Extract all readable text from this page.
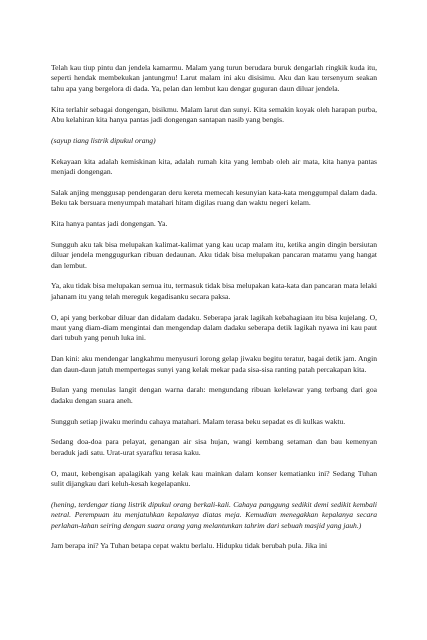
Telah kau tiup pintu dan jendela kamarmu. Malam yang turun berudara buruk dengarlah ringkik kuda itu, seperti hendak membekukan jantungmu! Larut malam ini aku disisimu. Aku dan kau tersenyum seakan tahu apa yang bergelora di dada. Ya, pelan dan lembut kau dengar guguran daun diluar jendela.

Kita terlahir sebagai dongengan, bisikmu. Malam larut dan sunyi. Kita semakin koyak oleh harapan purba, Abu kelahiran kita hanya pantas jadi dongengan santapan nasib yang bengis.

(sayup tiang listrik dipukul orang)

Kekayaan kita adalah kemiskinan kita, adalah rumah kita yang lembab oleh air mata, kita hanya pantas menjadi dongengan.

Salak anjing menggusap pendengaran deru kereta memecah kesunyian kata-kata menggumpal dalam dada. Beku tak bersuara menyumpah matahari hitam digilas ruang dan waktu negeri kelam.

Kita hanya pantas jadi dongengan. Ya.

Sungguh aku tak bisa melupakan kalimat-kalimat yang kau ucap malam itu, ketika angin dingin bersiutan diluar jendela menggugurkan ribuan dedaunan. Aku tidak bisa melupakan pancaran matamu yang hangat dan lembut.

Ya, aku tidak bisa melupakan semua itu, termasuk tidak bisa melupakan kata-kata dan pancaran mata lelaki jahanam itu yang telah mereguk kegadisanku secara paksa.

O, api yang berkobar diluar dan didalam dadaku. Seberapa jarak lagikah kebahagiaan itu bisa kujelang. O, maut yang diam-diam mengintai dan mengendap dalam dadaku seberapa detik lagikah nyawa ini kau paut dari tubuh yang penuh luka ini.

Dan kini: aku mendengar langkahmu menyusuri lorong gelap jiwaku begitu teratur, bagai detik jam. Angin dan daun-daun jatuh mempertegas sunyi yang kelak mekar pada sisa-sisa ranting patah percakapan kita.

Bulan yang menulas langit dengan warna darah: mengundang ribuan kelelawar yang terbang dari goa dadaku dengan suara aneh.

Sungguh setiap jiwaku merindu cahaya matahari. Malam terasa beku sepadat es di kulkas waktu.

Sedang doa-doa para pelayat, genangan air sisa hujan, wangi kembang setaman dan bau kemenyan beraduk jadi satu. Urat-urat syarafku terasa kaku.

O, maut, kebengisan apalagikah yang kelak kau mainkan dalam konser kematianku ini? Sedang Tuhan sulit dijangkau dari keluh-kesah kegelapanku.

(hening, terdengar tiang listrik dipukul orang berkali-kali. Cahaya panggung sedikit demi sedikit kembali netral. Perempuan itu menjatuhkan kepalanya diatas meja. Kemudian menegakkan kepalanya secara perlahan-lahan seiring dengan suara orang yang melantunkan tahrim dari sebuah masjid yang jauh.)

Jam berapa ini? Ya Tuhan betapa cepat waktu berlalu. Hidupku tidak berubah pula. Jika ini
